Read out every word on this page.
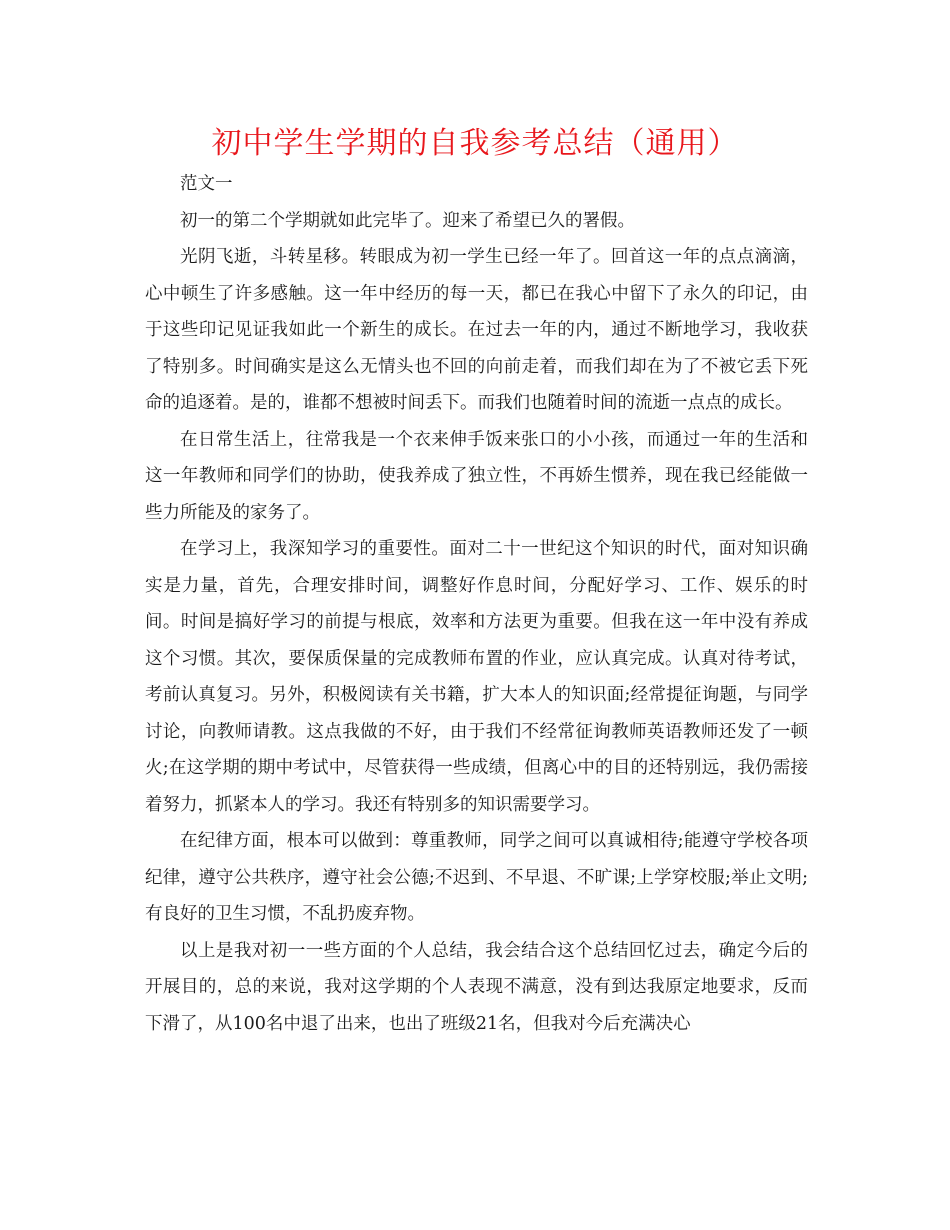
初中学生学期的自我参考总结（通用）

范文一

初一的第二个学期就如此完毕了。迎来了希望已久的署假。

光阴飞逝，斗转星移。转眼成为初一学生已经一年了。回首这一年的点点滴滴，心中顿生了许多感触。这一年中经历的每一天，都已在我心中留下了永久的印记，由于这些印记见证我如此一个新生的成长。在过去一年的内，通过不断地学习，我收获了特别多。时间确实是这么无情头也不回的向前走着，而我们却在为了不被它丢下死命的追逐着。是的，谁都不想被时间丢下。而我们也随着时间的流逝一点点的成长。

在日常生活上，往常我是一个衣来伸手饭来张口的小小孩，而通过一年的生活和这一年教师和同学们的协助，使我养成了独立性，不再娇生惯养，现在我已经能做一些力所能及的家务了。

在学习上，我深知学习的重要性。面对二十一世纪这个知识的时代，面对知识确实是力量，首先，合理安排时间，调整好作息时间，分配好学习、工作、娱乐的时间。时间是搞好学习的前提与根底，效率和方法更为重要。但我在这一年中没有养成这个习惯。其次，要保质保量的完成教师布置的作业，应认真完成。认真对待考试，考前认真复习。另外，积极阅读有关书籍，扩大本人的知识面;经常提征询题，与同学讨论，向教师请教。这点我做的不好，由于我们不经常征询教师英语教师还发了一顿火;在这学期的期中考试中，尽管获得一些成绩，但离心中的目的还特别远，我仍需接着努力，抓紧本人的学习。我还有特别多的知识需要学习。

在纪律方面，根本可以做到：尊重教师，同学之间可以真诚相待;能遵守学校各项纪律，遵守公共秩序，遵守社会公德;不迟到、不早退、不旷课;上学穿校服;举止文明;有良好的卫生习惯，不乱扔废弃物。

以上是我对初一一些方面的个人总结，我会结合这个总结回忆过去，确定今后的开展目的，总的来说，我对这学期的个人表现不满意，没有到达我原定地要求，反而下滑了，从100名中退了出来，也出了班级21名，但我对今后充满决心
